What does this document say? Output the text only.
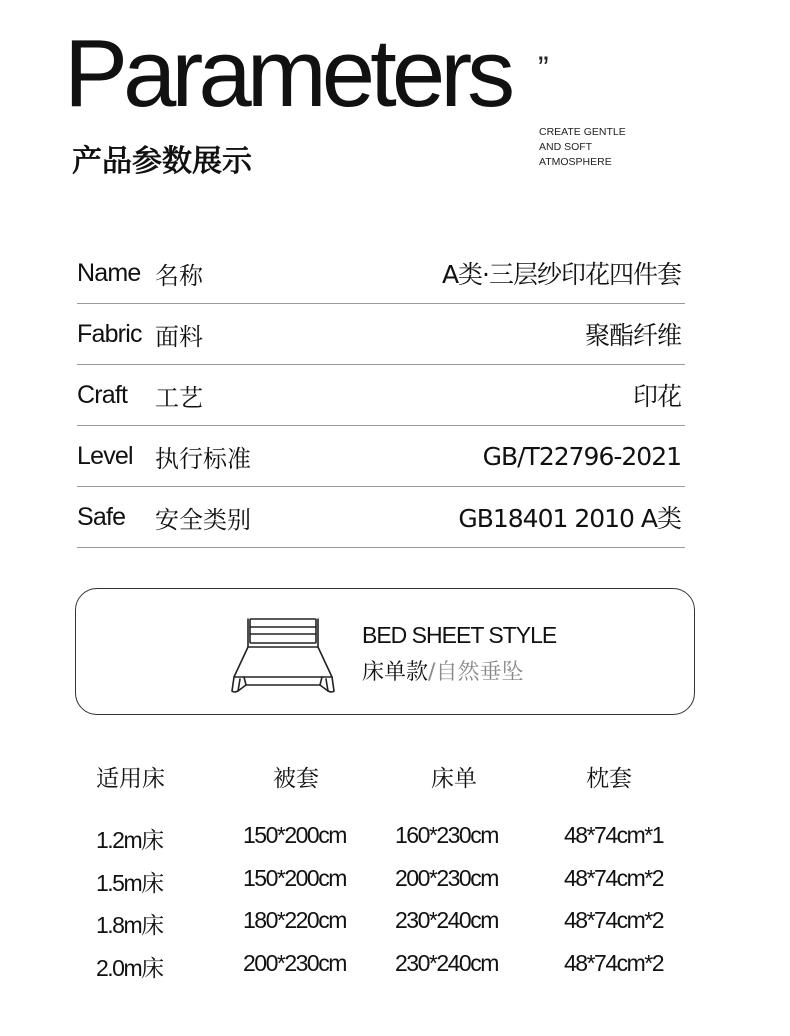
Parameters ”
产品参数展示
CREATE GENTLE
AND SOFT
ATMOSPHERE
Name 名称	A类·三层纱印花四件套
Fabric 面料	聚酯纤维
Craft	工艺	印花
Level 执行标准	GB/T22796-2021
Safe	安全类别	GB18401 2010 A类
BED SHEET STYLE
床单款/自然垂坠
适用床	被套	床单	枕套
1.2m床	150*200cm 160*230cm	48*74cm*1
1.5m床	150*200cm 200*230cm	48*74cm*2
1.8m床	180*220cm 230*240cm	48*74cm*2
2.0m床	200*230cm 230*240cm	48*74cm*2
